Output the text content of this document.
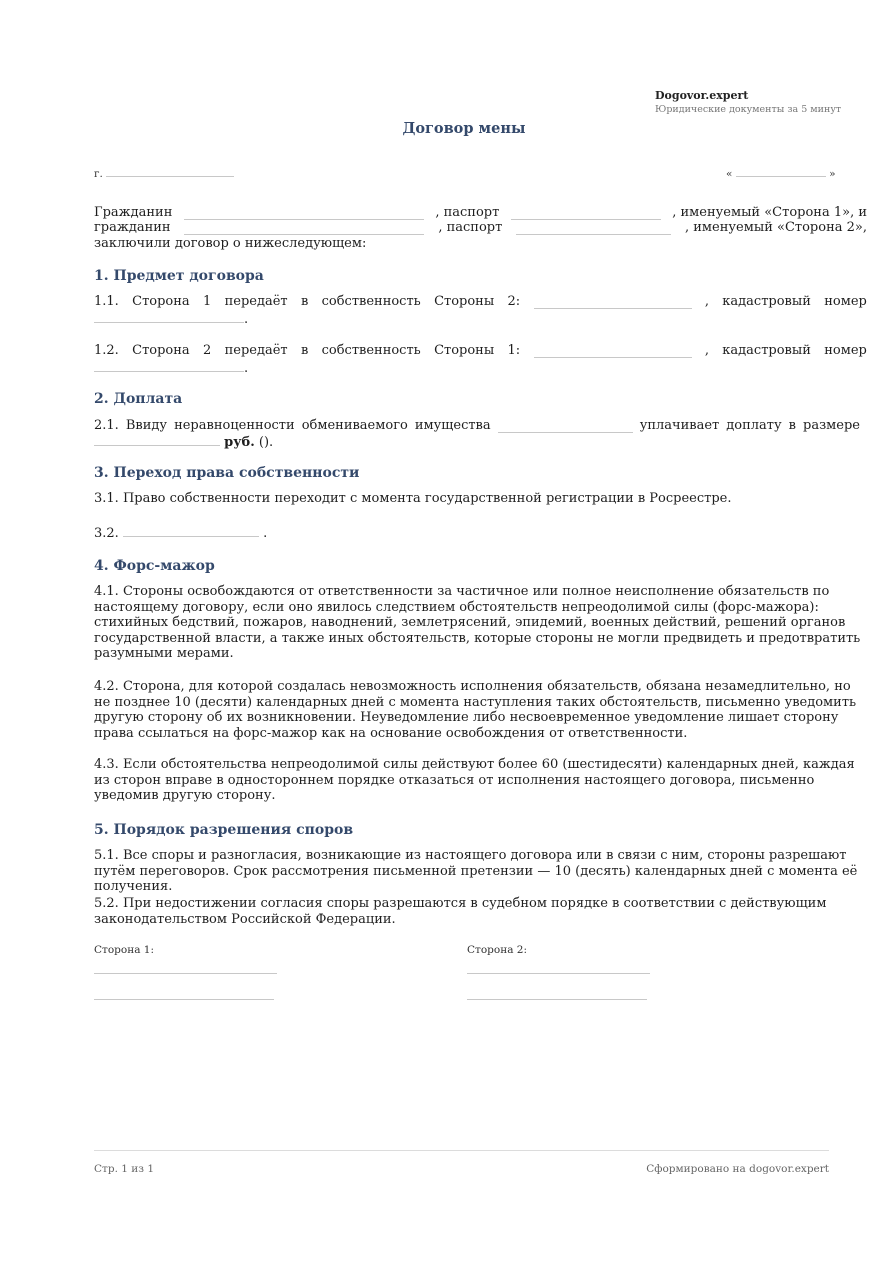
Dogovor.expert
Юридические документы за 5 минут
Договор мены
г.	«	»
Гражданин	, паспорт	, именуемый «Сторона 1», и
гражданин	, паспорт	, именуемый «Сторона 2»,
заключили договор о нижеследующем:
1. Предмет договора
1.1. Сторона 1 передаёт в собственность Стороны 2:	, кадастровый номер
.
1.2. Сторона 2 передаёт в собственность Стороны 1:	, кадастровый номер
.
2. Доплата
2.1. Ввиду неравноценности обмениваемого имущества	уплачивает доплату в размере
руб. ().
3. Переход права собственности
3.1. Право собственности переходит с момента государственной регистрации в Росреестре.
3.2.	.
4. Форс-мажор
4.1. Стороны освобождаются от ответственности за частичное или полное неисполнение обязательств по настоящему договору, если оно явилось следствием обстоятельств непреодолимой силы (форс-мажора): стихийных бедствий, пожаров, наводнений, землетрясений, эпидемий, военных действий, решений органов государственной власти, а также иных обстоятельств, которые стороны не могли предвидеть и предотвратить разумными мерами.
4.2. Сторона, для которой создалась невозможность исполнения обязательств, обязана незамедлительно, но не позднее 10 (десяти) календарных дней с момента наступления таких обстоятельств, письменно уведомить другую сторону об их возникновении. Неуведомление либо несвоевременное уведомление лишает сторону права ссылаться на форс-мажор как на основание освобождения от ответственности.
4.3. Если обстоятельства непреодолимой силы действуют более 60 (шестидесяти) календарных дней, каждая из сторон вправе в одностороннем порядке отказаться от исполнения настоящего договора, письменно уведомив другую сторону.
5. Порядок разрешения споров
5.1. Все споры и разногласия, возникающие из настоящего договора или в связи с ним, стороны разрешают путём переговоров. Срок рассмотрения письменной претензии — 10 (десять) календарных дней с момента её получения.
5.2. При недостижении согласия споры разрешаются в судебном порядке в соответствии с действующим законодательством Российской Федерации.
Сторона 1:	Сторона 2:
Стр. 1 из 1	Сформировано на dogovor.expert
